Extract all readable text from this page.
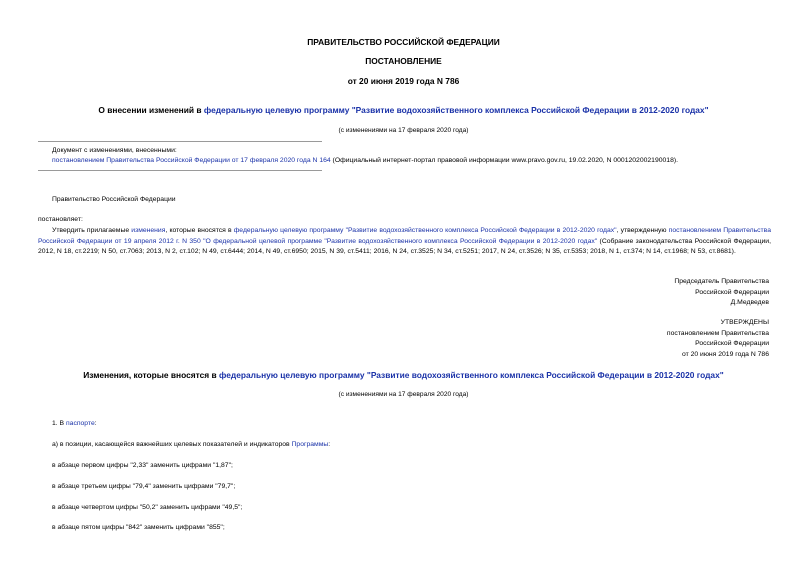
ПРАВИТЕЛЬСТВО РОССИЙСКОЙ ФЕДЕРАЦИИ
ПОСТАНОВЛЕНИЕ
от 20 июня 2019 года N 786
О внесении изменений в федеральную целевую программу "Развитие водохозяйственного комплекса Российской Федерации в 2012-2020 годах"
(с изменениями на 17 февраля 2020 года)
Документ с изменениями, внесенными:
постановлением Правительства Российской Федерации от 17 февраля 2020 года N 164 (Официальный интернет-портал правовой информации www.pravo.gov.ru, 19.02.2020, N 0001202002190018).
Правительство Российской Федерации
постановляет:
Утвердить прилагаемые изменения, которые вносятся в федеральную целевую программу "Развитие водохозяйственного комплекса Российской Федерации в 2012-2020 годах", утвержденную постановлением Правительства Российской Федерации от 19 апреля 2012 г. N 350 "О федеральной целевой программе "Развитие водохозяйственного комплекса Российской Федерации в 2012-2020 годах" (Собрание законодательства Российской Федерации, 2012, N 18, ст.2219; N 50, ст.7063; 2013, N 2, ст.102; N 49, ст.6444; 2014, N 49, ст.6950; 2015, N 39, ст.5411; 2016, N 24, ст.3525; N 34, ст.5251; 2017, N 24, ст.3526; N 35, ст.5353; 2018, N 1, ст.374; N 14, ст.1968; N 53, ст.8681).
Председатель Правительства
Российской Федерации
Д.Медведев
УТВЕРЖДЕНЫ
постановлением Правительства
Российской Федерации
от 20 июня 2019 года N 786
Изменения, которые вносятся в федеральную целевую программу "Развитие водохозяйственного комплекса Российской Федерации в 2012-2020 годах"
(с изменениями на 17 февраля 2020 года)
1. В паспорте:
а) в позиции, касающейся важнейших целевых показателей и индикаторов Программы:
в абзаце первом цифры "2,33" заменить цифрами "1,87";
в абзаце третьем цифры "79,4" заменить цифрами "79,7";
в абзаце четвертом цифры "50,2" заменить цифрами "49,5";
в абзаце пятом цифры "842" заменить цифрами "855";
